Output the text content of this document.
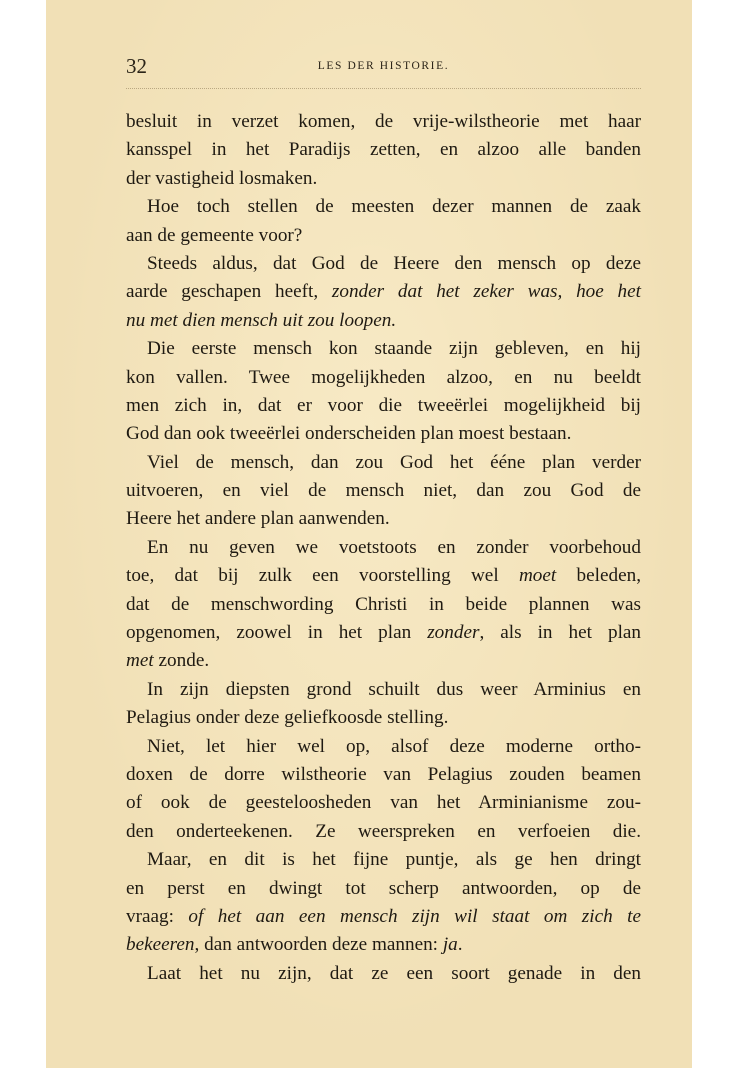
32	LES DER HISTORIE.
besluit in verzet komen, de vrije-wilstheorie met haar
kansspel in het Paradijs zetten, en alzoo alle banden
der vastigheid losmaken.
Hoe toch stellen de meesten dezer mannen de zaak
aan de gemeente voor?
Steeds aldus, dat God de Heere den mensch op deze
aarde geschapen heeft, zonder dat het zeker was, hoe het
nu met dien mensch uit zou loopen.
Die eerste mensch kon staande zijn gebleven, en hij
kon vallen. Twee mogelijkheden alzoo, en nu beeldt
men zich in, dat er voor die tweeërlei mogelijkheid bij
God dan ook tweeërlei onderscheiden plan moest bestaan.
Viel de mensch, dan zou God het ééne plan verder
uitvoeren, en viel de mensch niet, dan zou God de
Heere het andere plan aanwenden.
En nu geven we voetstoots en zonder voorbehoud
toe, dat bij zulk een voorstelling wel moet beleden,
dat de menschwording Christi in beide plannen was
opgenomen, zoowel in het plan zonder, als in het plan
met zonde.
In zijn diepsten grond schuilt dus weer Arminius en
Pelagius onder deze geliefkoosde stelling.
Niet, let hier wel op, alsof deze moderne ortho-
doxen de dorre wilstheorie van Pelagius zouden beamen
of ook de geesteloosheden van het Arminianisme zou-
den onderteekenen. Ze weerspreken en verfoeien die.
Maar, en dit is het fijne puntje, als ge hen dringt
en perst en dwingt tot scherp antwoorden, op de
vraag: of het aan een mensch zijn wil staat om zich te
bekeeren, dan antwoorden deze mannen: ja.
Laat het nu zijn, dat ze een soort genade in den
